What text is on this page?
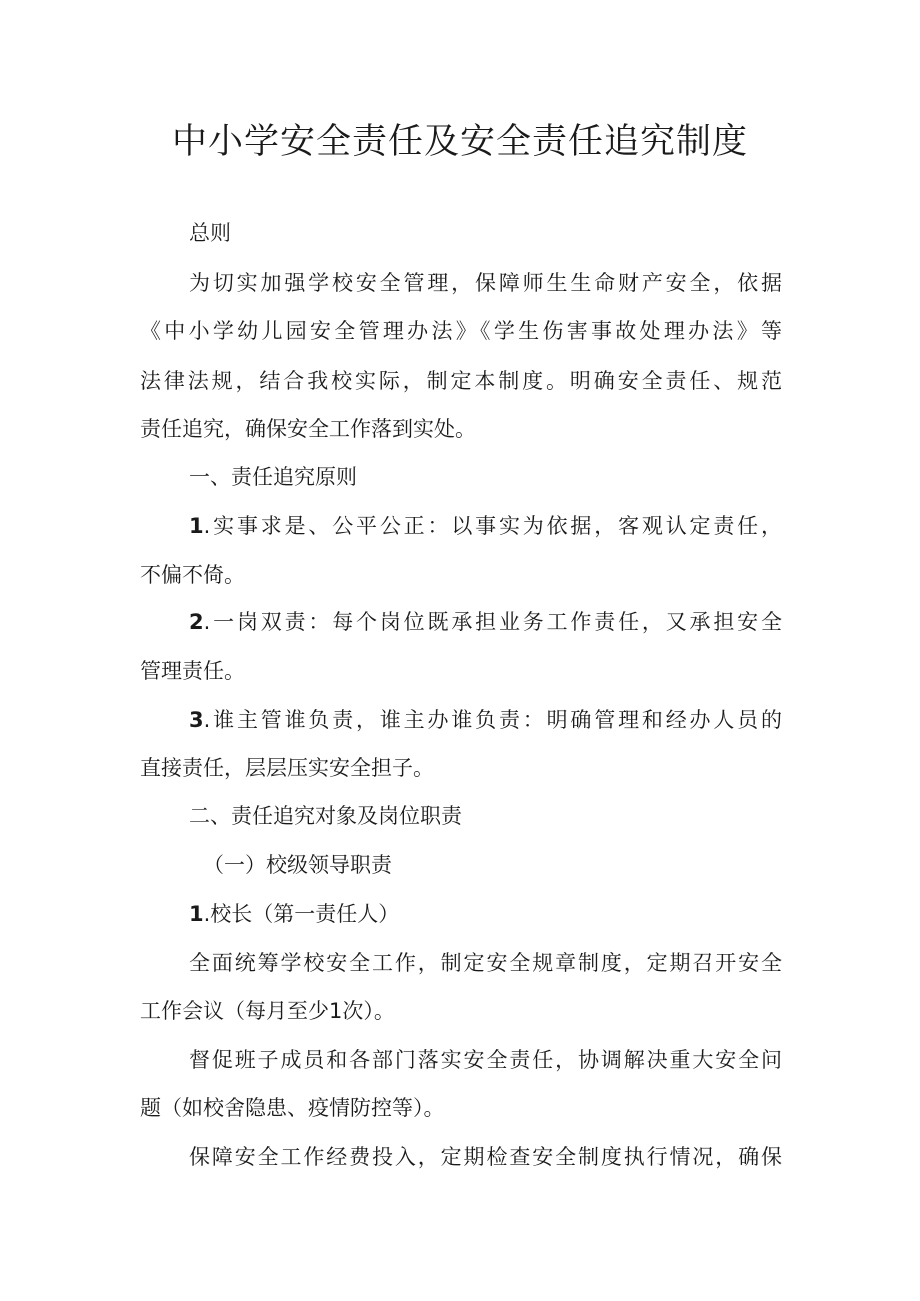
中小学安全责任及安全责任追究制度

总则

为切实加强学校安全管理，保障师生生命财产安全，依据

《中小学幼儿园安全管理办法》《学生伤害事故处理办法》等

法律法规，结合我校实际，制定本制度。明确安全责任、规范

责任追究，确保安全工作落到实处。

一、责任追究原则

1.实事求是、公平公正：以事实为依据，客观认定责任，

不偏不倚。

2.一岗双责：每个岗位既承担业务工作责任，又承担安全

管理责任。

3.谁主管谁负责，谁主办谁负责：明确管理和经办人员的

直接责任，层层压实安全担子。

二、责任追究对象及岗位职责

（一）校级领导职责

1.校长（第一责任人）

全面统筹学校安全工作，制定安全规章制度，定期召开安全

工作会议（每月至少1次）。

督促班子成员和各部门落实安全责任，协调解决重大安全问

题（如校舍隐患、疫情防控等）。

保障安全工作经费投入，定期检查安全制度执行情况，确保
